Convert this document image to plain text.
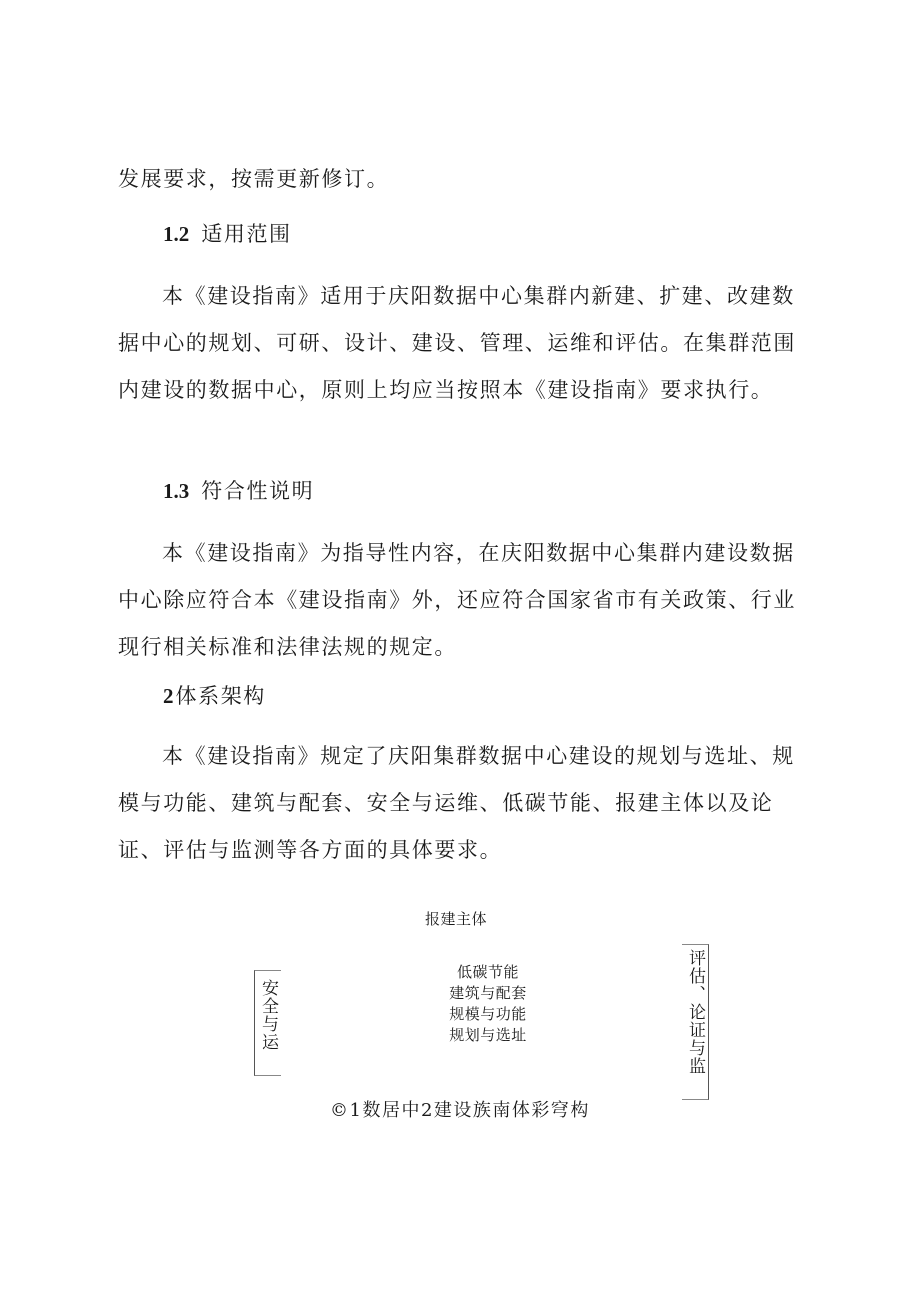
发展要求，按需更新修订。

1.2 适用范围

本《建设指南》适用于庆阳数据中心集群内新建、扩建、改建数据中心的规划、可研、设计、建设、管理、运维和评估。在集群范围内建设的数据中心，原则上均应当按照本《建设指南》要求执行。

1.3 符合性说明

本《建设指南》为指导性内容，在庆阳数据中心集群内建设数据中心除应符合本《建设指南》外，还应符合国家省市有关政策、行业现行相关标准和法律法规的规定。

2体系架构

本《建设指南》规定了庆阳集群数据中心建设的规划与选址、规模与功能、建筑与配套、安全与运维、低碳节能、报建主体以及论证、评估与监测等各方面的具体要求。

报建主体
低碳节能
建筑与配套
规模与功能
规划与选址
安全与运	评估、论证与监
©1数居中2建设族南体彩穹构
